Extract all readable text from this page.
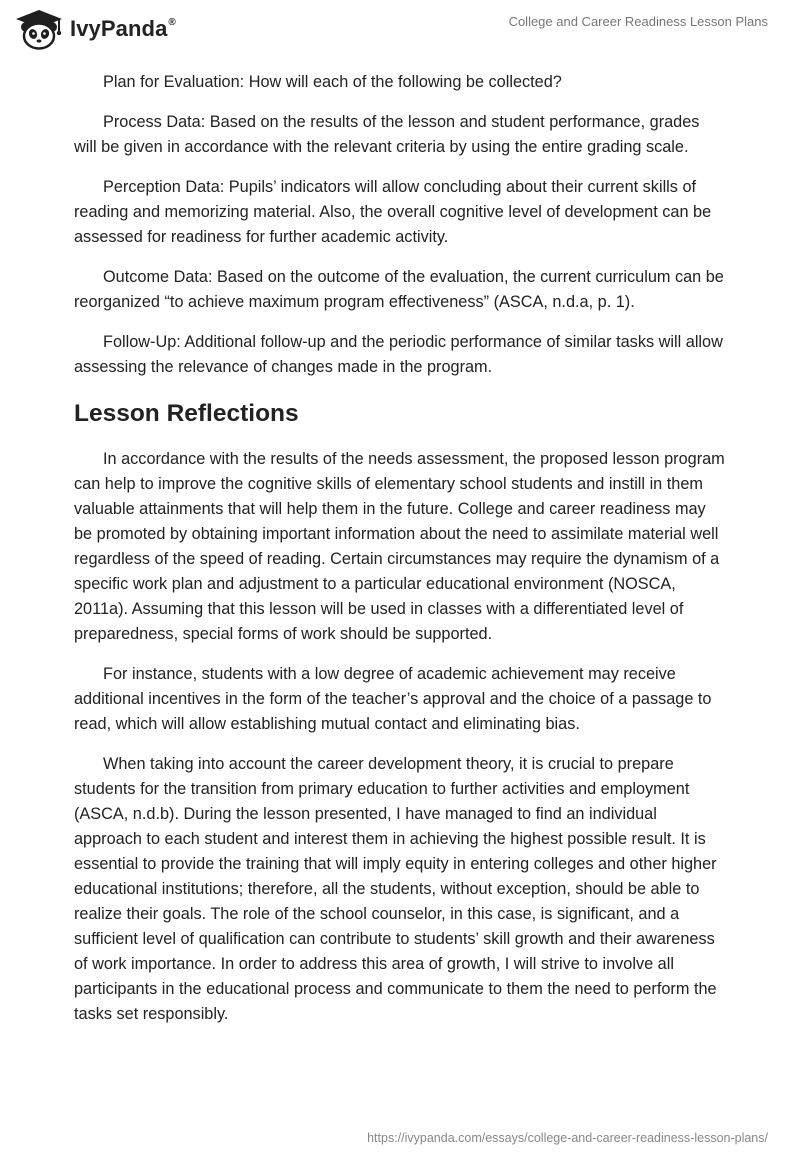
IvyPanda®	College and Career Readiness Lesson Plans

Plan for Evaluation: How will each of the following be collected?

Process Data: Based on the results of the lesson and student performance, grades will be given in accordance with the relevant criteria by using the entire grading scale.

Perception Data: Pupils’ indicators will allow concluding about their current skills of reading and memorizing material. Also, the overall cognitive level of development can be assessed for readiness for further academic activity.

Outcome Data: Based on the outcome of the evaluation, the current curriculum can be reorganized “to achieve maximum program effectiveness” (ASCA, n.d.a, p. 1).

Follow-Up: Additional follow-up and the periodic performance of similar tasks will allow assessing the relevance of changes made in the program.

Lesson Reflections

In accordance with the results of the needs assessment, the proposed lesson program can help to improve the cognitive skills of elementary school students and instill in them valuable attainments that will help them in the future. College and career readiness may be promoted by obtaining important information about the need to assimilate material well regardless of the speed of reading. Certain circumstances may require the dynamism of a specific work plan and adjustment to a particular educational environment (NOSCA, 2011a). Assuming that this lesson will be used in classes with a differentiated level of preparedness, special forms of work should be supported.

For instance, students with a low degree of academic achievement may receive additional incentives in the form of the teacher’s approval and the choice of a passage to read, which will allow establishing mutual contact and eliminating bias.

When taking into account the career development theory, it is crucial to prepare students for the transition from primary education to further activities and employment (ASCA, n.d.b). During the lesson presented, I have managed to find an individual approach to each student and interest them in achieving the highest possible result. It is essential to provide the training that will imply equity in entering colleges and other higher educational institutions; therefore, all the students, without exception, should be able to realize their goals. The role of the school counselor, in this case, is significant, and a sufficient level of qualification can contribute to students’ skill growth and their awareness of work importance. In order to address this area of growth, I will strive to involve all participants in the educational process and communicate to them the need to perform the tasks set responsibly.

https://ivypanda.com/essays/college-and-career-readiness-lesson-plans/
